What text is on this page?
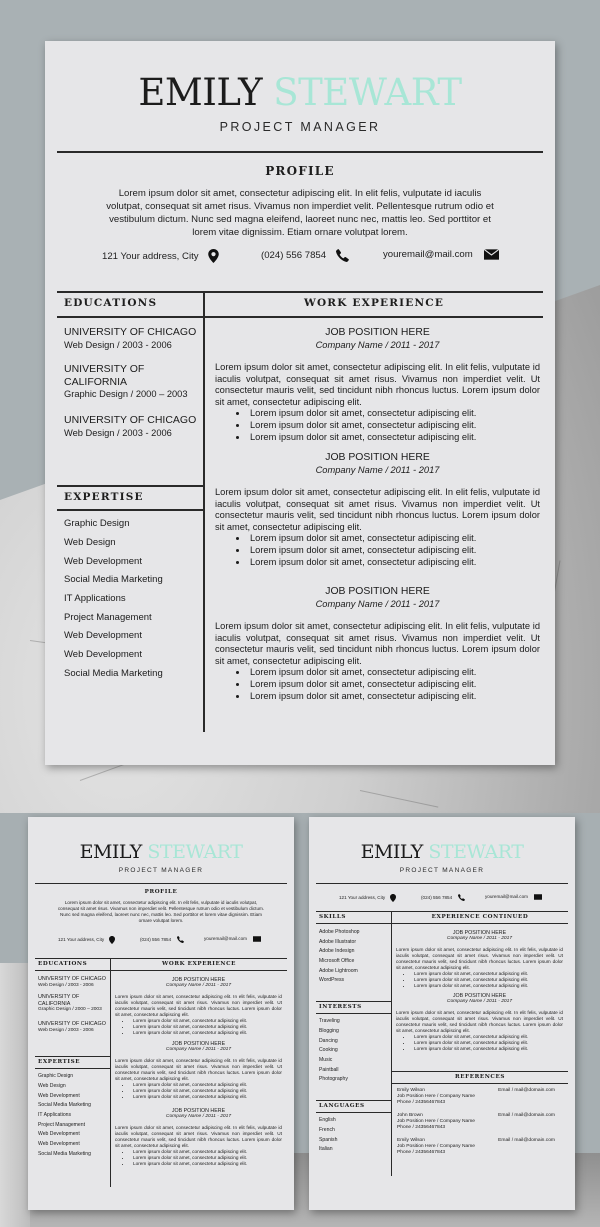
EMILY STEWART
PROJECT MANAGER
PROFILE
Lorem ipsum dolor sit amet, consectetur adipiscing elit. In elit felis, vulputate id iaculis volutpat, consequat sit amet risus. Vivamus non imperdiet velit. Pellentesque rutrum odio et vestibulum dictum. Nunc sed magna eleifend, laoreet nunc nec, mattis leo. Sed porttitor et lorem vitae dignissim. Etiam ornare volutpat lorem.
121 Your address, City	(024) 556 7854	youremail@mail.com
EDUCATIONS	WORK EXPERIENCE
UNIVERSITY OF CHICAGO
Web Design / 2003 - 2006
UNIVERSITY OF CALIFORNIA
Graphic Design / 2000 – 2003
UNIVERSITY OF CHICAGO
Web Design / 2003 - 2006
EXPERTISE
Graphic Design
Web Design
Web Development
Social Media Marketing
IT Applications
Project Management
Web Development
Web Development
Social Media Marketing
JOB POSITION HERE
Company Name / 2011 - 2017
Lorem ipsum dolor sit amet, consectetur adipiscing elit. In elit felis, vulputate id iaculis volutpat, consequat sit amet risus. Vivamus non imperdiet velit. Ut consectetur mauris velit, sed tincidunt nibh rhoncus luctus. Lorem ipsum dolor sit amet, consectetur adipiscing elit.
• Lorem ipsum dolor sit amet, consectetur adipiscing elit.
• Lorem ipsum dolor sit amet, consectetur adipiscing elit.
• Lorem ipsum dolor sit amet, consectetur adipiscing elit.
JOB POSITION HERE
Company Name / 2011 - 2017
Lorem ipsum dolor sit amet, consectetur adipiscing elit. In elit felis, vulputate id iaculis volutpat, consequat sit amet risus. Vivamus non imperdiet velit. Ut consectetur mauris velit, sed tincidunt nibh rhoncus luctus. Lorem ipsum dolor sit amet, consectetur adipiscing elit.
• Lorem ipsum dolor sit amet, consectetur adipiscing elit.
• Lorem ipsum dolor sit amet, consectetur adipiscing elit.
• Lorem ipsum dolor sit amet, consectetur adipiscing elit.
JOB POSITION HERE
Company Name / 2011 - 2017
Lorem ipsum dolor sit amet, consectetur adipiscing elit. In elit felis, vulputate id iaculis volutpat, consequat sit amet risus. Vivamus non imperdiet velit. Ut consectetur mauris velit, sed tincidunt nibh rhoncus luctus. Lorem ipsum dolor sit amet, consectetur adipiscing elit.
• Lorem ipsum dolor sit amet, consectetur adipiscing elit.
• Lorem ipsum dolor sit amet, consectetur adipiscing elit.
• Lorem ipsum dolor sit amet, consectetur adipiscing elit.
EMILY STEWART
PROJECT MANAGER
PROFILE
Lorem ipsum dolor sit amet, consectetur adipiscing elit. In elit felis, vulputate id iaculis volutpat, consequat sit amet risus. Vivamus non imperdiet velit. Pellentesque rutrum odio et vestibulum dictum. Nunc sed magna eleifend, laoreet nunc nec, mattis leo. Sed porttitor et lorem vitae dignissim. Etiam ornare volutpat lorem.
121 Your address, City	(024) 556 7854	youremail@mail.com
EDUCATIONS	WORK EXPERIENCE
UNIVERSITY OF CHICAGO
Web Design / 2003 - 2006
UNIVERSITY OF CALIFORNIA
Graphic Design / 2000 – 2003
UNIVERSITY OF CHICAGO
Web Design / 2003 - 2006
EXPERTISE
Graphic Design
Web Design
Web Development
Social Media Marketing
IT Applications
Project Management
Web Development
Web Development
Social Media Marketing
JOB POSITION HERE
Company Name / 2011 - 2017
Lorem ipsum dolor sit amet, consectetur adipiscing elit. In elit felis, vulputate id iaculis volutpat, consequat sit amet risus. Vivamus non imperdiet velit. Ut consectetur mauris velit, sed tincidunt nibh rhoncus luctus. Lorem ipsum dolor sit amet, consectetur adipiscing elit.
• Lorem ipsum dolor sit amet, consectetur adipiscing elit.
• Lorem ipsum dolor sit amet, consectetur adipiscing elit.
• Lorem ipsum dolor sit amet, consectetur adipiscing elit.
JOB POSITION HERE
Company Name / 2011 - 2017
Lorem ipsum dolor sit amet, consectetur adipiscing elit. In elit felis, vulputate id iaculis volutpat, consequat sit amet risus. Vivamus non imperdiet velit. Ut consectetur mauris velit, sed tincidunt nibh rhoncus luctus. Lorem ipsum dolor sit amet, consectetur adipiscing elit.
• Lorem ipsum dolor sit amet, consectetur adipiscing elit.
• Lorem ipsum dolor sit amet, consectetur adipiscing elit.
• Lorem ipsum dolor sit amet, consectetur adipiscing elit.
JOB POSITION HERE
Company Name / 2011 - 2017
Lorem ipsum dolor sit amet, consectetur adipiscing elit. In elit felis, vulputate id iaculis volutpat, consequat sit amet risus. Vivamus non imperdiet velit. Ut consectetur mauris velit, sed tincidunt nibh rhoncus luctus. Lorem ipsum dolor sit amet, consectetur adipiscing elit.
• Lorem ipsum dolor sit amet, consectetur adipiscing elit.
• Lorem ipsum dolor sit amet, consectetur adipiscing elit.
• Lorem ipsum dolor sit amet, consectetur adipiscing elit.
EMILY STEWART
PROJECT MANAGER
121 Your address, City	(024) 556 7854	youremail@mail.com
SKILLS	EXPERIENCE CONTINUED
Adobe Photoshop
Adobe Illustrator
Adobe Indesign
Microsoft Office
Adobe Lightroom
WordPress
INTERESTS
Traveling
Blogging
Dancing
Cooking
Music
Paintball
Photography
LANGUAGES
English
French
Spanish
Italian
JOB POSITION HERE
Company Name / 2011 - 2017
Lorem ipsum dolor sit amet, consectetur adipiscing elit. In elit felis, vulputate id iaculis volutpat, consequat sit amet risus. Vivamus non imperdiet velit. Ut consectetur mauris velit, sed tincidunt nibh rhoncus luctus. Lorem ipsum dolor sit amet, consectetur adipiscing elit.
• Lorem ipsum dolor sit amet, consectetur adipiscing elit.
• Lorem ipsum dolor sit amet, consectetur adipiscing elit.
• Lorem ipsum dolor sit amet, consectetur adipiscing elit.
JOB POSITION HERE
Company Name / 2011 - 2017
Lorem ipsum dolor sit amet, consectetur adipiscing elit. In elit felis, vulputate id iaculis volutpat, consequat sit amet risus. Vivamus non imperdiet velit. Ut consectetur mauris velit, sed tincidunt nibh rhoncus luctus. Lorem ipsum dolor sit amet, consectetur adipiscing elit.
• Lorem ipsum dolor sit amet, consectetur adipiscing elit.
• Lorem ipsum dolor sit amet, consectetur adipiscing elit.
• Lorem ipsum dolor sit amet, consectetur adipiscing elit.
REFERENCES
Emily Wilson
Job Position Here / Company Name
Phone / 24356467843
Email / mail@domain.com
John Brown
Job Position Here / Company Name
Phone / 24356467843
Email / mail@domain.com
Emily Wilson
Job Position Here / Company Name
Phone / 24356467843
Email / mail@domain.com
